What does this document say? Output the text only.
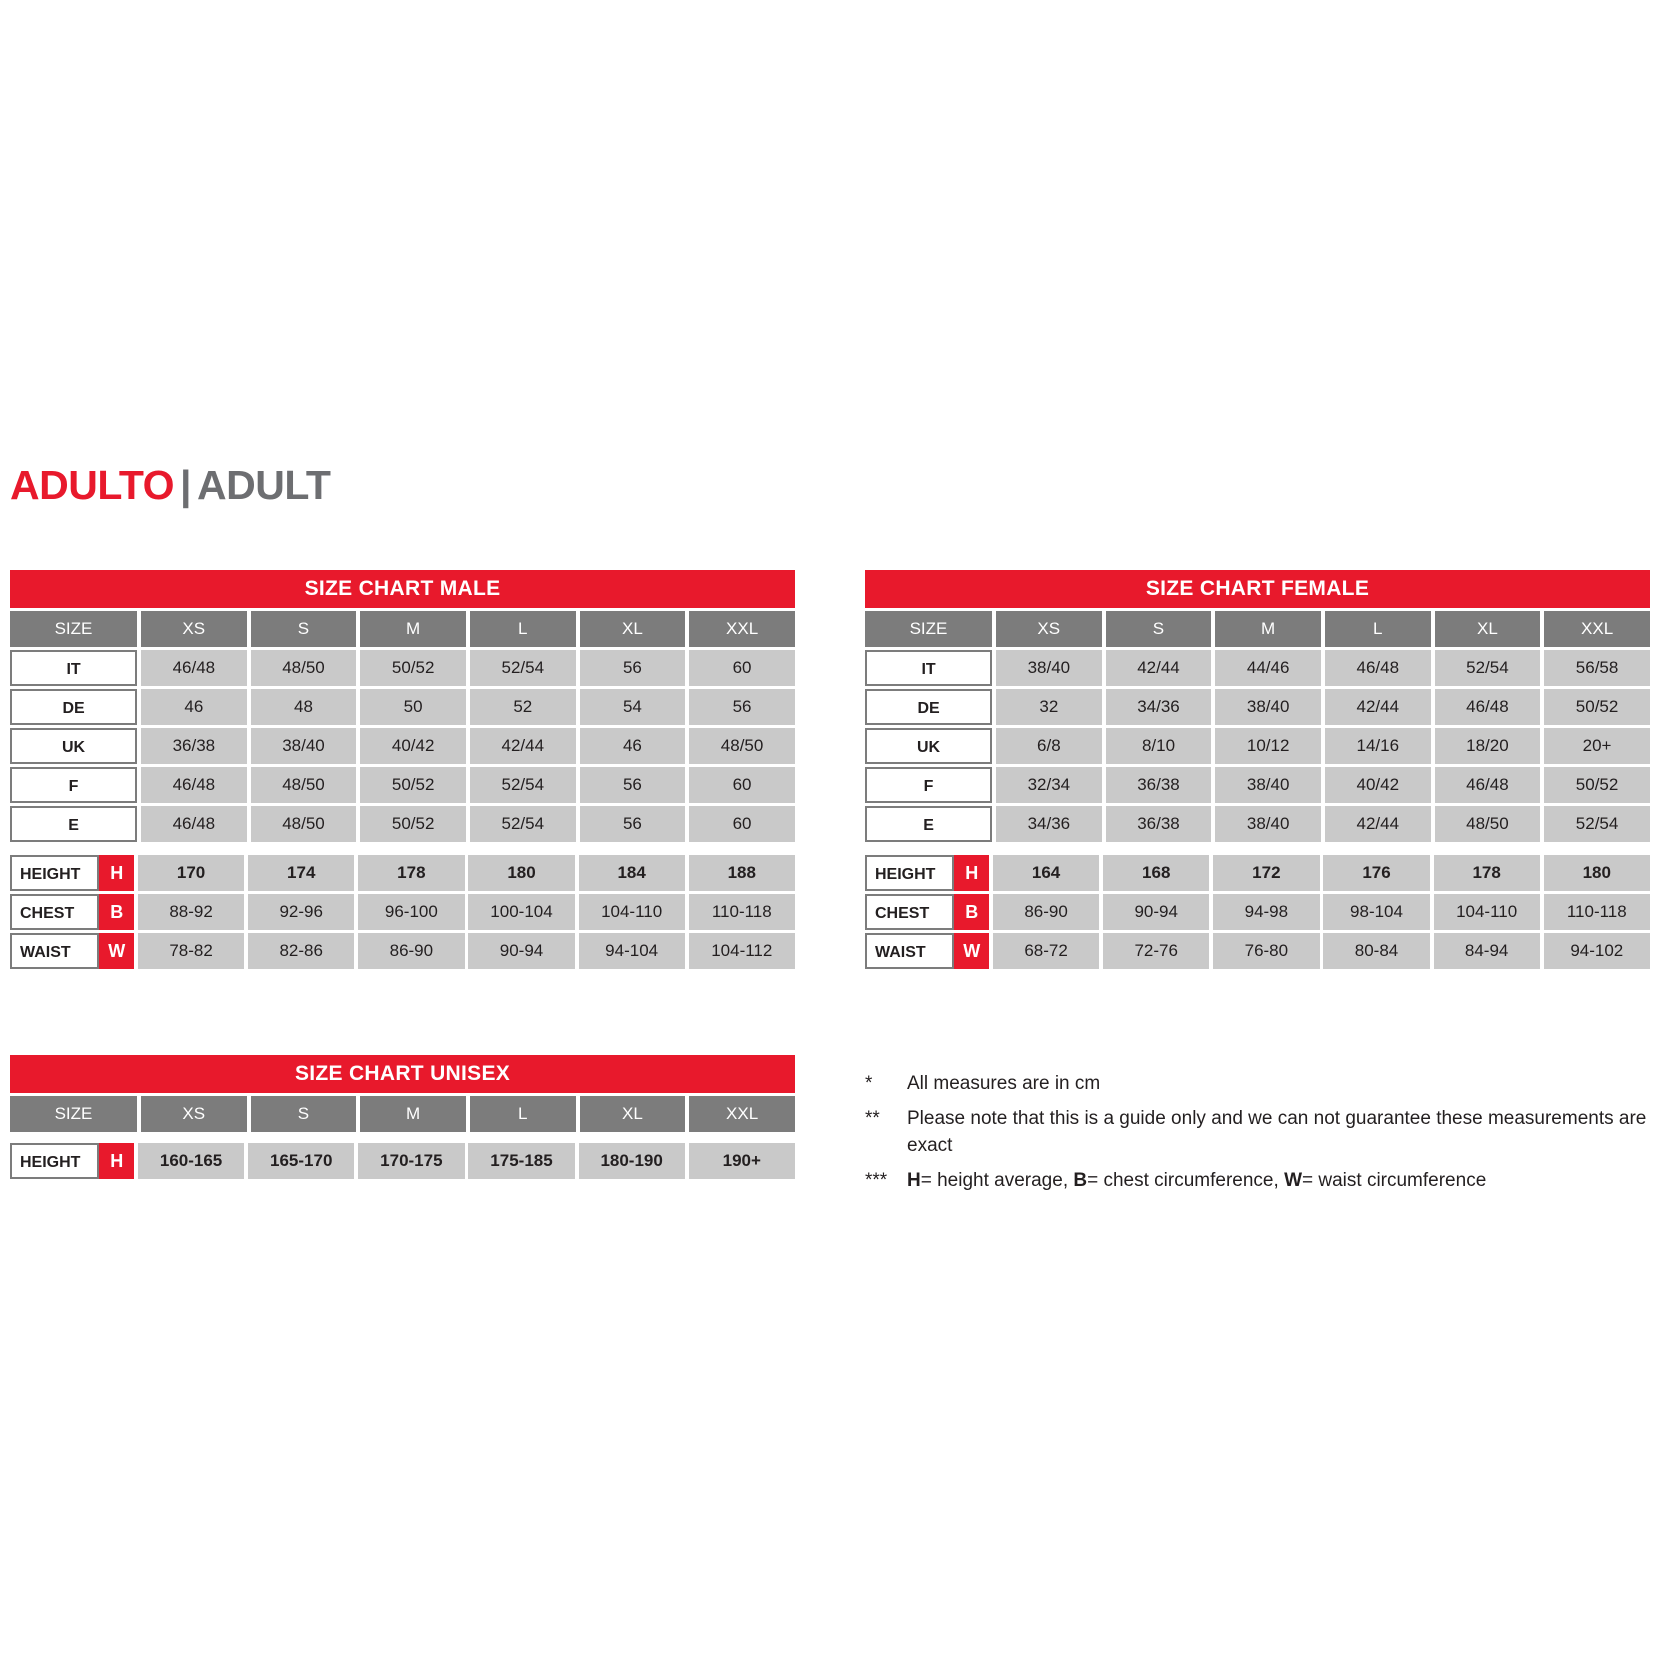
ADULTO | ADULT
SIZE CHART MALE
SIZE	XS	S	M	L	XL	XXL
IT	46/48	48/50	50/52	52/54	56	60
DE	46	48	50	52	54	56
UK	36/38	38/40	40/42	42/44	46	48/50
F	46/48	48/50	50/52	52/54	56	60
E	46/48	48/50	50/52	52/54	56	60
HEIGHT	H	170	174	178	180	184	188
CHEST	B	88-92	92-96	96-100	100-104	104-110	110-118
WAIST	W	78-82	82-86	86-90	90-94	94-104	104-112
SIZE CHART FEMALE
SIZE	XS	S	M	L	XL	XXL
IT	38/40	42/44	44/46	46/48	52/54	56/58
DE	32	34/36	38/40	42/44	46/48	50/52
UK	6/8	8/10	10/12	14/16	18/20	20+
F	32/34	36/38	38/40	40/42	46/48	50/52
E	34/36	36/38	38/40	42/44	48/50	52/54
HEIGHT	H	164	168	172	176	178	180
CHEST	B	86-90	90-94	94-98	98-104	104-110	110-118
WAIST	W	68-72	72-76	76-80	80-84	84-94	94-102
SIZE CHART UNISEX
SIZE	XS	S	M	L	XL	XXL
HEIGHT	H	160-165	165-170	170-175	175-185	180-190	190+
*	All measures are in cm
**	Please note that this is a guide only and we can not guarantee these measurements are exact
***	H= height average, B= chest circumference, W= waist circumference
